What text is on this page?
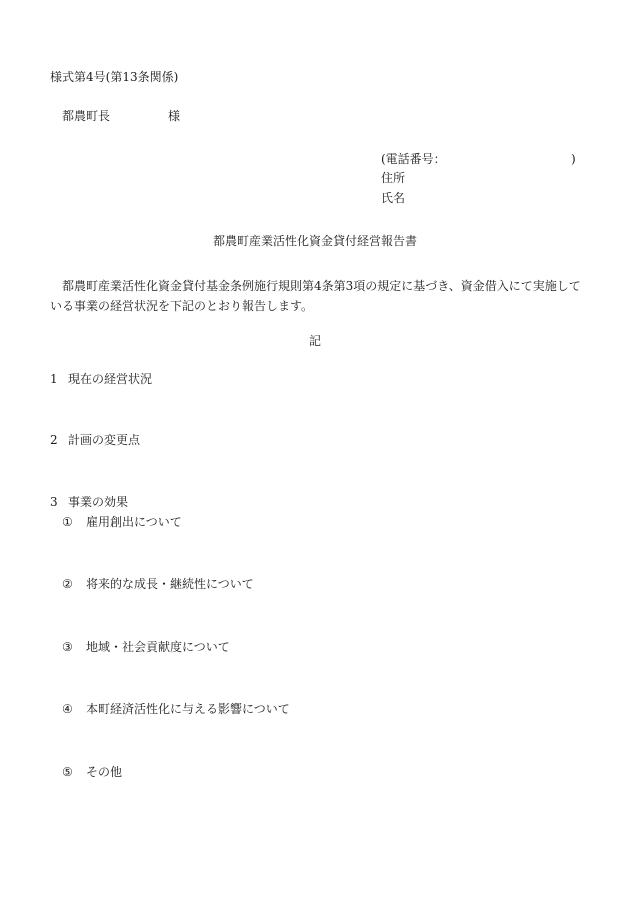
様式第4号(第13条関係)
都農町長	様
(電話番号：	)
住所
氏名
都農町産業活性化資金貸付経営報告書
都農町産業活性化資金貸付基金条例施行規則第4条第3項の規定に基づき、資金借入にて実施している事業の経営状況を下記のとおり報告します。
記
1 現在の経営状況
2 計画の変更点
3 事業の効果
① 雇用創出について
② 将来的な成長・継続性について
③ 地域・社会貢献度について
④ 本町経済活性化に与える影響について
⑤ その他
